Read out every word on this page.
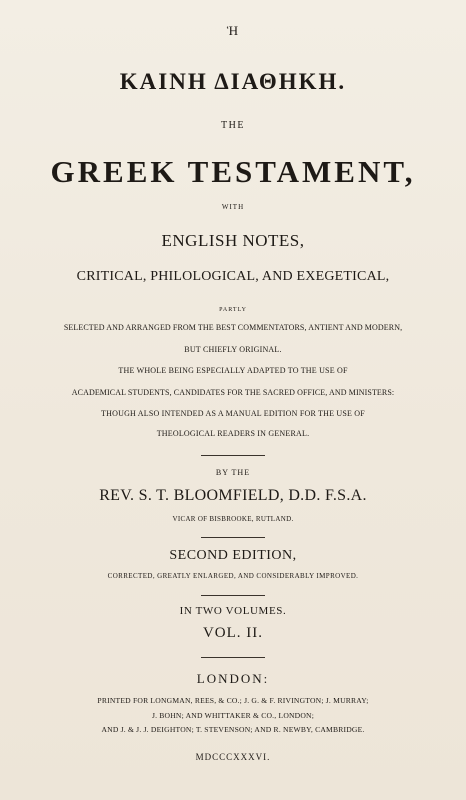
Ἡ
ΚΑΙΝΗ ΔΙΑΘΗΚΗ.
THE
GREEK TESTAMENT,
WITH
ENGLISH NOTES,
CRITICAL, PHILOLOGICAL, AND EXEGETICAL,
PARTLY
SELECTED AND ARRANGED FROM THE BEST COMMENTATORS, ANTIENT AND MODERN,
BUT CHIEFLY ORIGINAL.
THE WHOLE BEING ESPECIALLY ADAPTED TO THE USE OF
ACADEMICAL STUDENTS, CANDIDATES FOR THE SACRED OFFICE, AND MINISTERS:
THOUGH ALSO INTENDED AS A MANUAL EDITION FOR THE USE OF
THEOLOGICAL READERS IN GENERAL.
BY THE
REV. S. T. BLOOMFIELD, D.D. F.S.A.
VICAR OF BISBROOKE, RUTLAND.
SECOND EDITION,
CORRECTED, GREATLY ENLARGED, AND CONSIDERABLY IMPROVED.
IN TWO VOLUMES.
VOL. II.
LONDON:
PRINTED FOR LONGMAN, REES, & CO.; J. G. & F. RIVINGTON; J. MURRAY;
J. BOHN; AND WHITTAKER & CO., LONDON;
AND J. & J. J. DEIGHTON; T. STEVENSON; AND R. NEWBY, CAMBRIDGE.
MDCCCXXXVI.
